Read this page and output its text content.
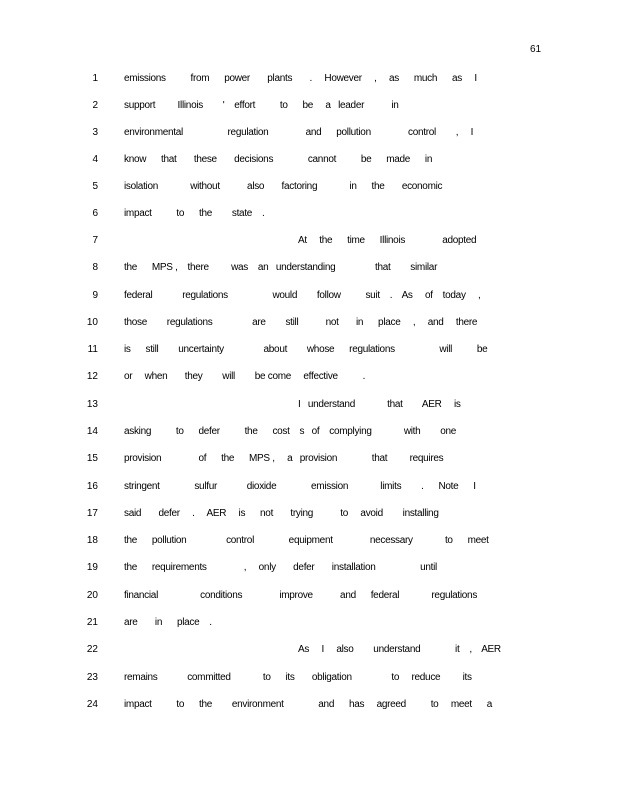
61
1	emissions          from      power       plants       .     However     ,     as      much      as     I
2	support         Illinois        '    effort          to      be     a   leader           in
3	environmental                  regulation               and      pollution               control        ,     I
4	know      that       these       decisions              cannot          be      made      in
5	isolation             without           also       factoring             in      the       economic
6	impact          to      the        state    .
7	At     the      time      Illinois               adopted
8	the      MPS ,    there         was    an   understanding                that        similar
9	federal            regulations                  would        follow          suit    .    As     of    today     ,
10	those        regulations                are        still           not       in      place     ,     and     there
11	is      still        uncertainty                about        whose      regulations                  will          be
12	or     when       they        will        be come     effective          .
13	I   understand             that        AER     is
14	asking          to      defer          the      cost    s   of    complying             with        one
15	provision               of      the      MPS ,     a   provision              that         requires
16	stringent              sulfur            dioxide              emission             limits        .      Note      I
17	said       defer     .     AER     is      not       trying           to     avoid        installing
18	the      pollution                control              equipment               necessary             to      meet
19	the      requirements               ,     only       defer       installation                  until
20	financial                 conditions               improve           and      federal             regulations
21	are       in      place    .
22	As     I     also        understand              it    ,    AER
23	remains            committed             to      its       obligation                to     reduce         its
24	impact          to      the        environment              and      has     agreed          to     meet      a
